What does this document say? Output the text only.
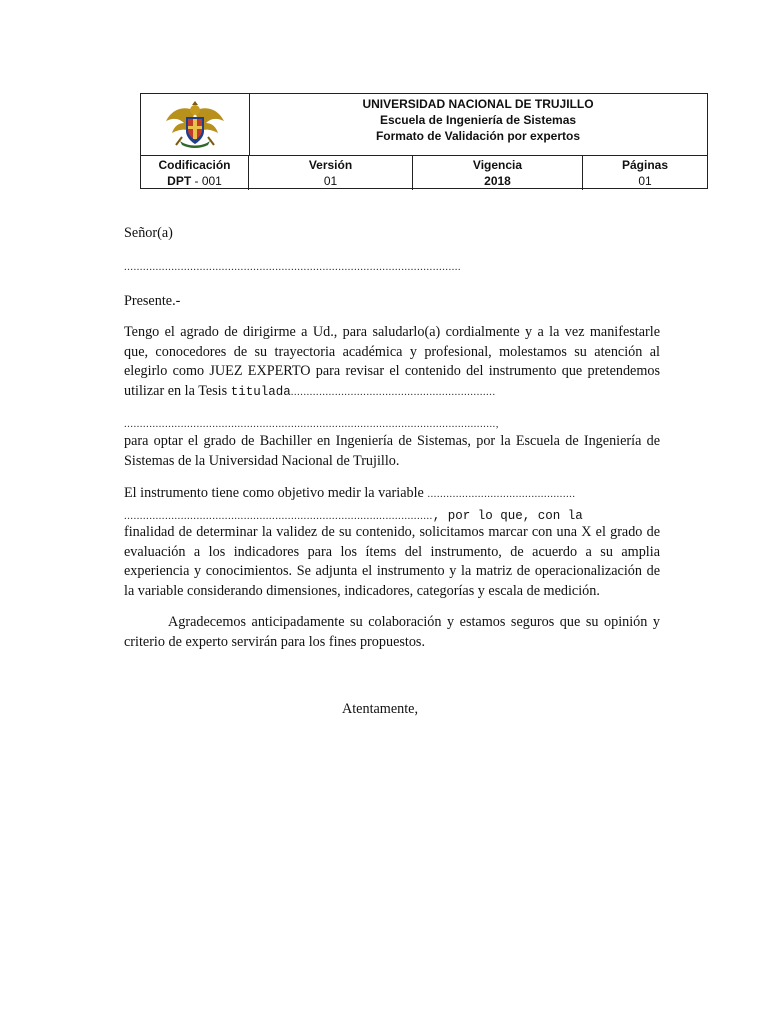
UNIVERSIDAD NACIONAL DE TRUJILLO
Escuela de Ingeniería de Sistemas
Formato de Validación por expertos
Codificación
DPT - 001
Versión
01
Vigencia
2018
Páginas
01
Señor(a)
...........................................................................................................
Presente.-
Tengo el agrado de dirigirme a Ud., para saludarlo(a) cordialmente y a la vez manifestarle que, conocedores de su trayectoria académica y profesional, molestamos su atención al elegirlo como JUEZ EXPERTO para revisar el contenido del instrumento que pretendemos utilizar en la Tesis titulada.................................................................
......................................................................................................................,
para optar el grado de Bachiller en Ingeniería de Sistemas, por la Escuela de Ingeniería de Sistemas de la Universidad Nacional de Trujillo.
El instrumento tiene como objetivo medir la variable ...............................................
.................................................................................................., por lo que, con la
finalidad de determinar la validez de su contenido, solicitamos marcar con una X el grado de evaluación a los indicadores para los ítems del instrumento, de acuerdo a su amplia experiencia y conocimientos. Se adjunta el instrumento y la matriz de operacionalización de la variable considerando dimensiones, indicadores, categorías y escala de medición.
Agradecemos anticipadamente su colaboración y estamos seguros que su opinión y criterio de experto servirán para los fines propuestos.
Atentamente,
